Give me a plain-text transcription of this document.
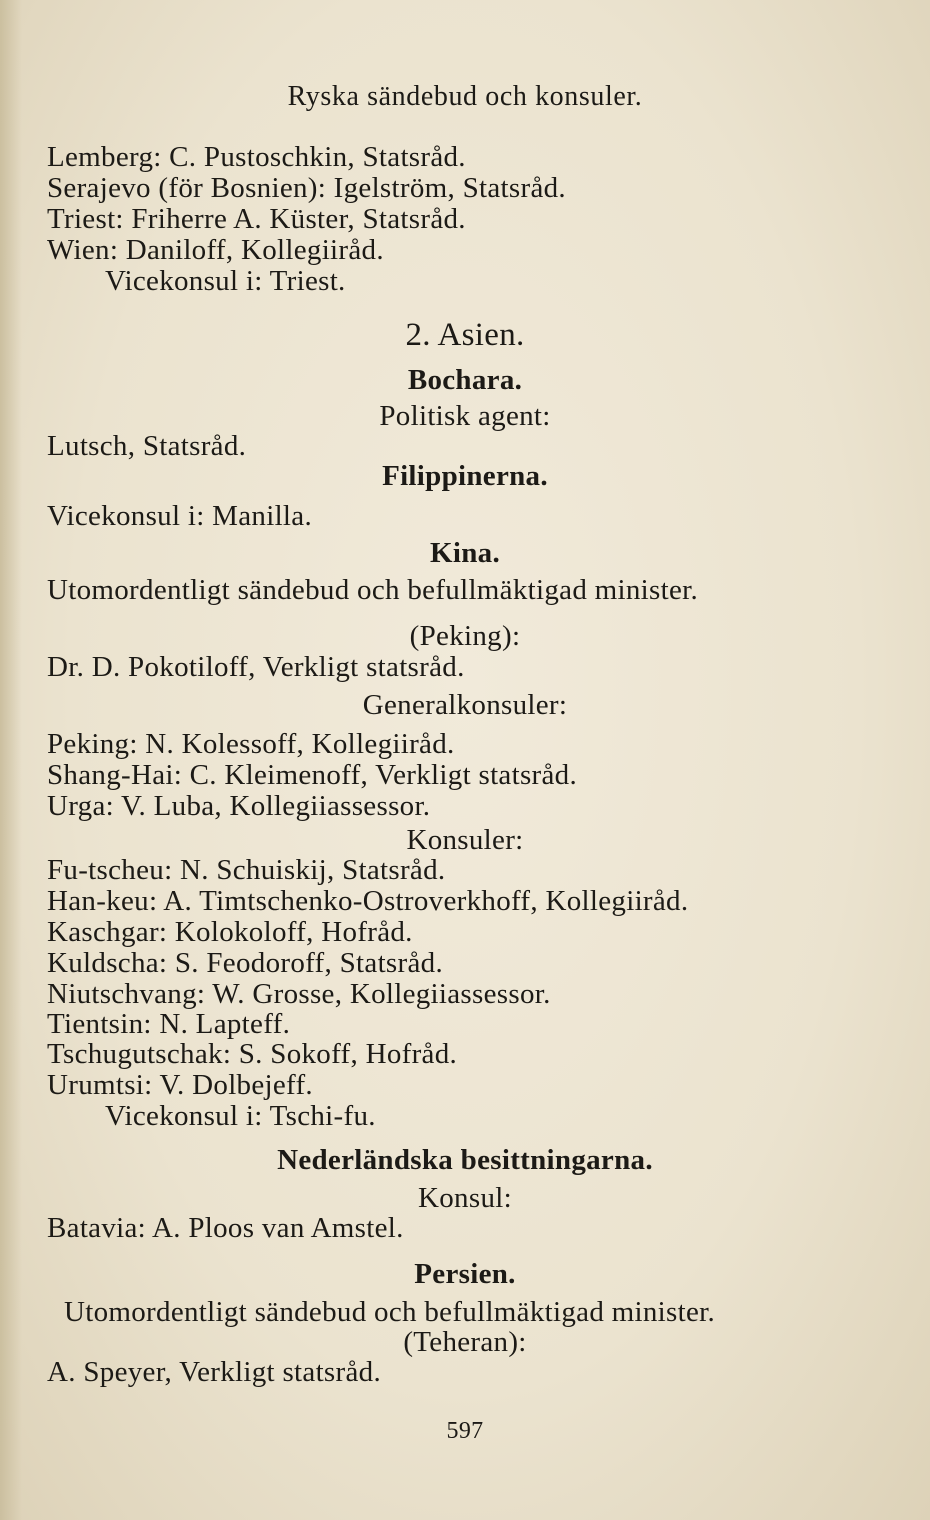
Ryska sändebud och konsuler.
Lemberg: C. Pustoschkin, Statsråd.
Serajevo (för Bosnien): Igelström, Statsråd.
Triest: Friherre A. Küster, Statsråd.
Wien: Daniloff, Kollegiiråd.
Vicekonsul i: Triest.
2. Asien.
Bochara.
Politisk agent:
Lutsch, Statsråd.
Filippinerna.
Vicekonsul i: Manilla.
Kina.
Utomordentligt sändebud och befullmäktigad minister.
(Peking):
Dr. D. Pokotiloff, Verkligt statsråd.
Generalkonsuler:
Peking: N. Kolessoff, Kollegiiråd.
Shang-Hai: C. Kleimenoff, Verkligt statsråd.
Urga: V. Luba, Kollegiiassessor.
Konsuler:
Fu-tscheu: N. Schuiskij, Statsråd.
Han-keu: A. Timtschenko-Ostroverkhoff, Kollegiiråd.
Kaschgar: Kolokoloff, Hofråd.
Kuldscha: S. Feodoroff, Statsråd.
Niutschvang: W. Grosse, Kollegiiassessor.
Tientsin: N. Lapteff.
Tschugutschak: S. Sokoff, Hofråd.
Urumtsi: V. Dolbejeff.
Vicekonsul i: Tschi-fu.
Nederländska besittningarna.
Konsul:
Batavia: A. Ploos van Amstel.
Persien.
Utomordentligt sändebud och befullmäktigad minister.
(Teheran):
A. Speyer, Verkligt statsråd.
597
